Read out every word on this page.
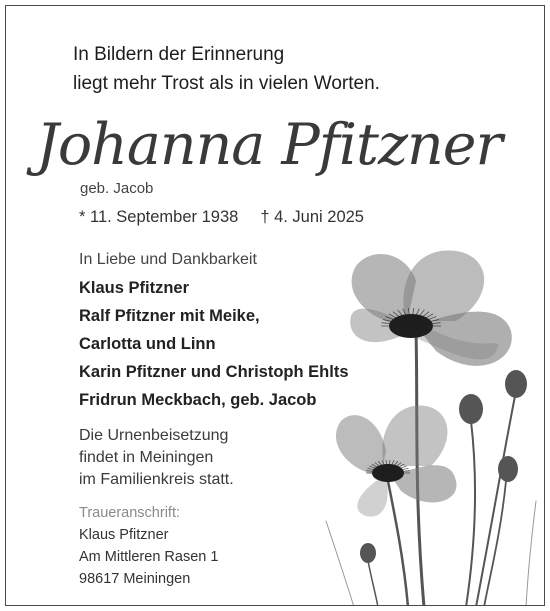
In Bildern der Erinnerung
liegt mehr Trost als in vielen Worten.
Johanna Pfitzner
geb. Jacob
* 11. September 1938 † 4. Juni 2025
In Liebe und Dankbarkeit
Klaus Pfitzner
Ralf Pfitzner mit Meike,
Carlotta und Linn
Karin Pfitzner und Christoph Ehlts
Fridrun Meckbach, geb. Jacob
Die Urnenbeisetzung
findet in Meiningen
im Familienkreis statt.
Traueranschrift:
Klaus Pfitzner
Am Mittleren Rasen 1
98617 Meiningen
